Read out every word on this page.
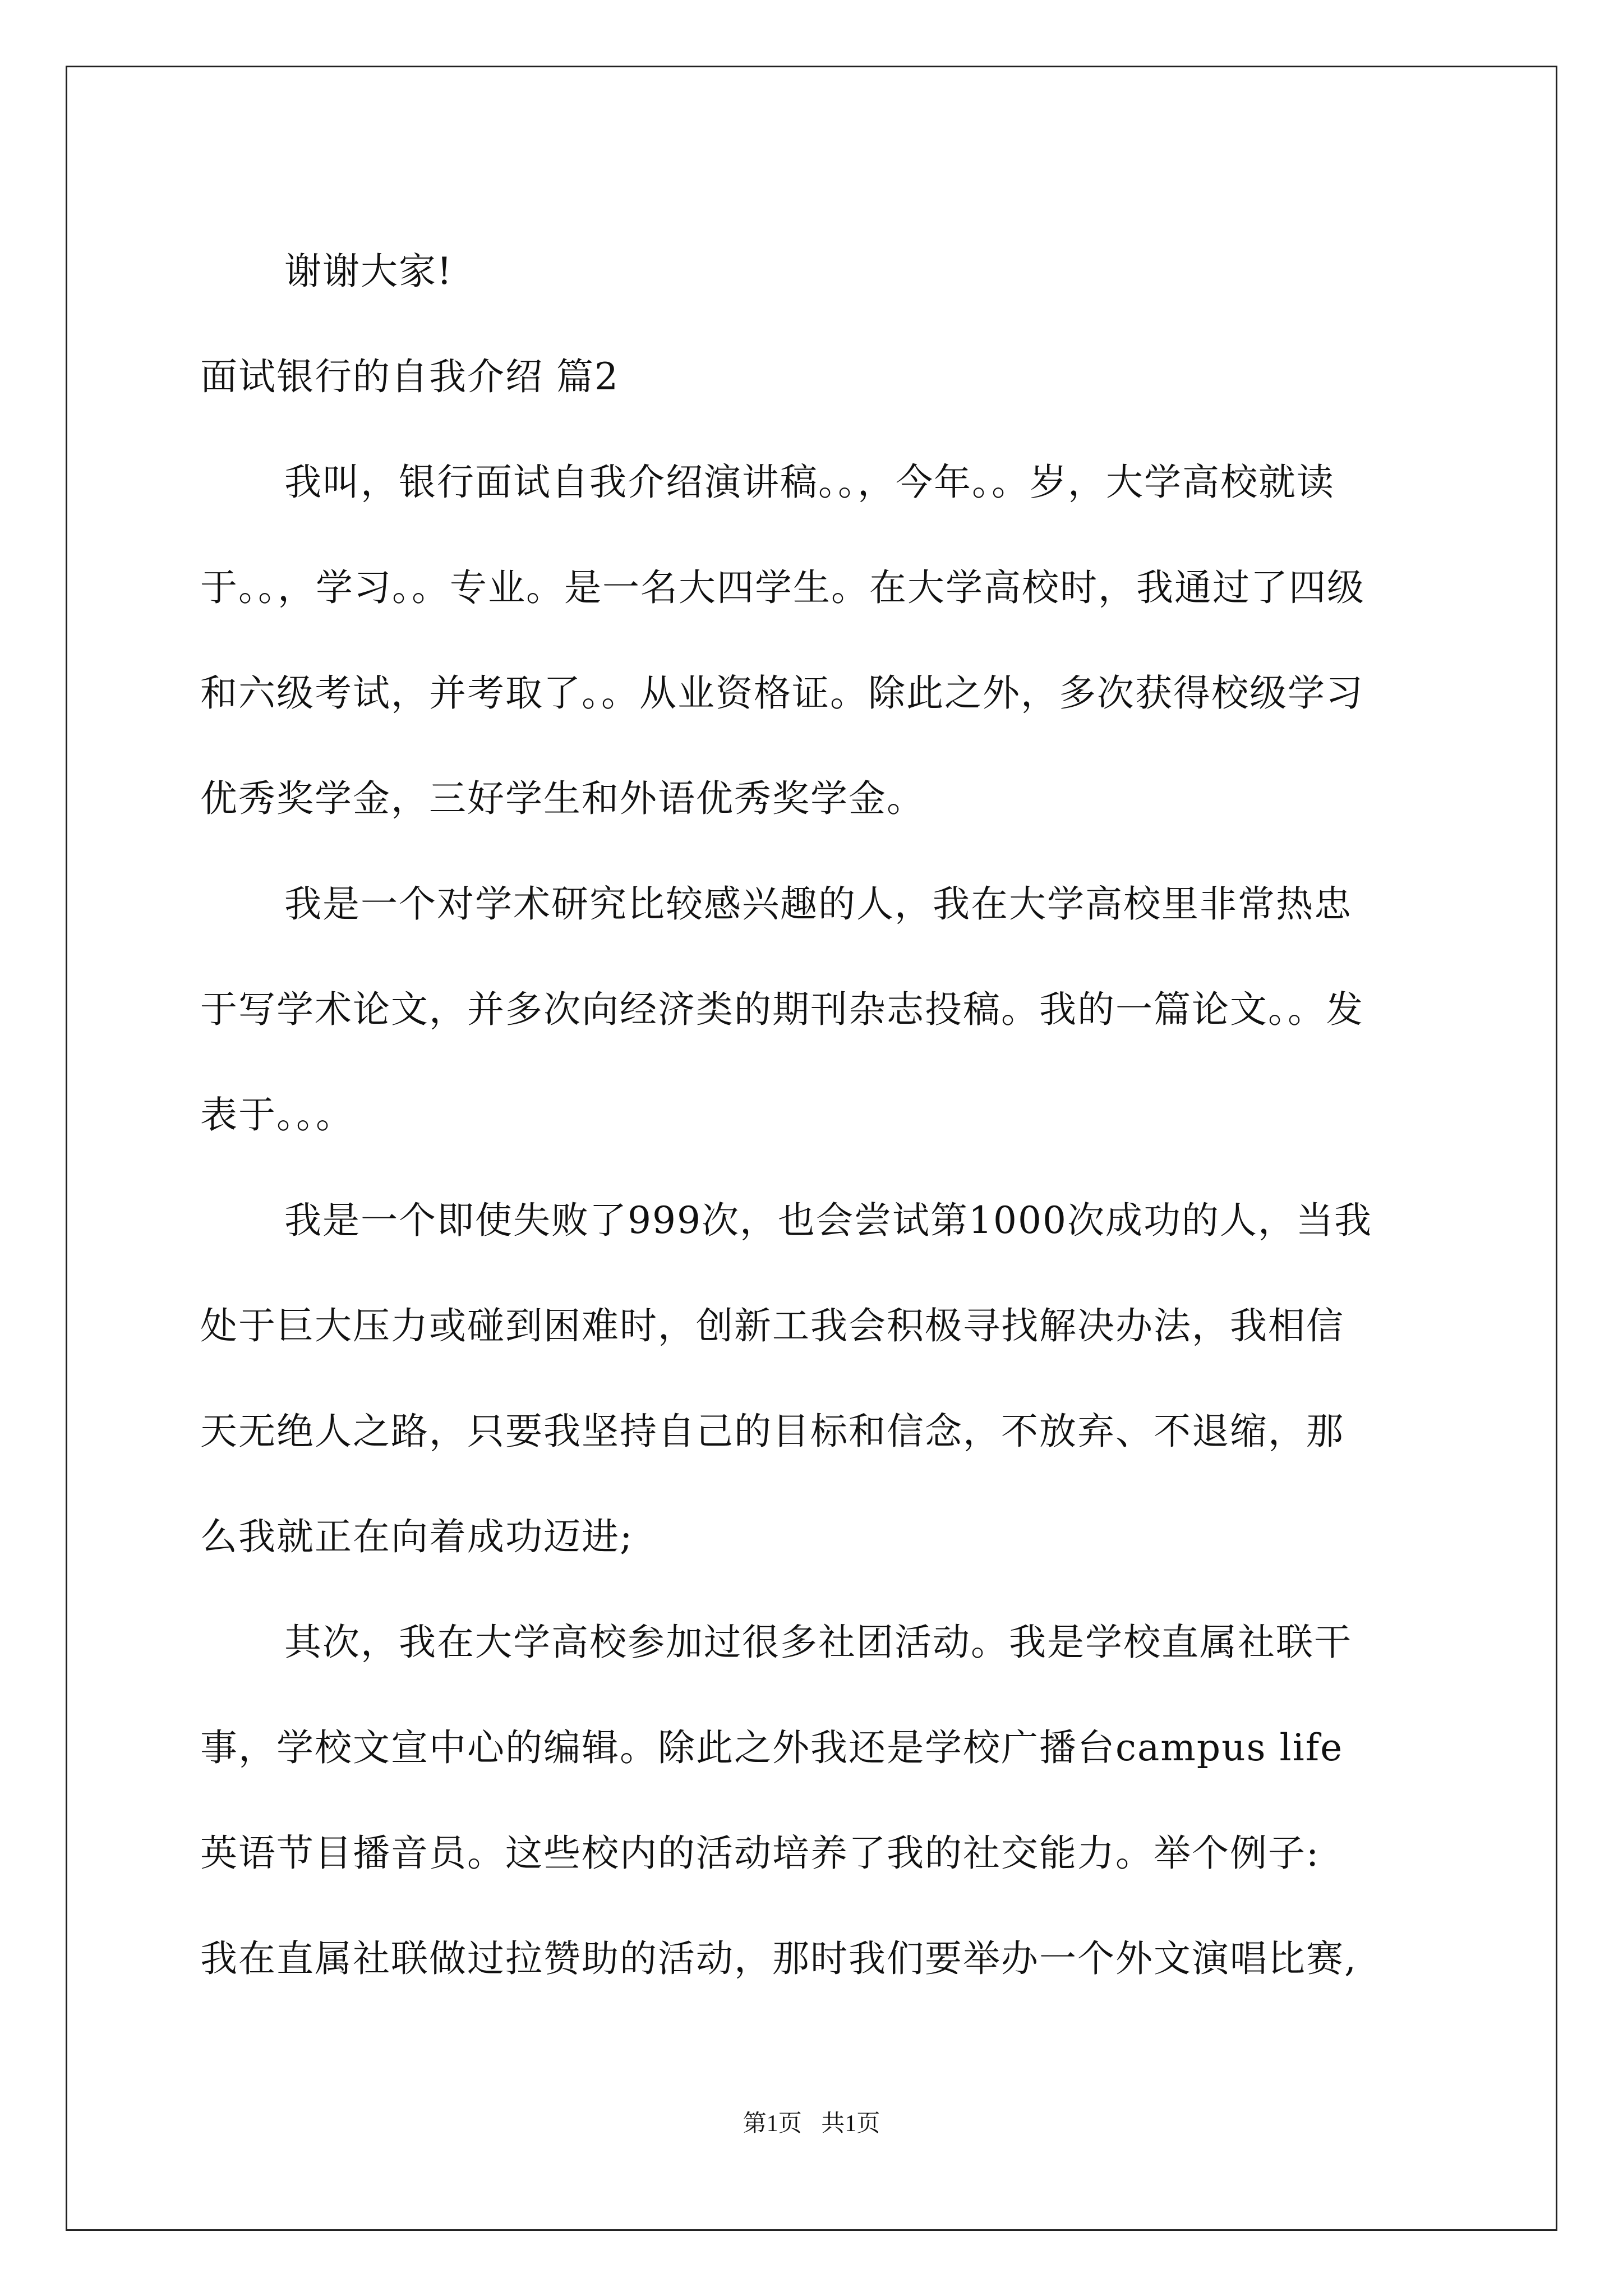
谢谢大家!
面试银行的自我介绍 篇2
我叫，银行面试自我介绍演讲稿。。，今年。。岁，大学高校就读
于。。，学习。。专业。是一名大四学生。在大学高校时，我通过了四级
和六级考试，并考取了。。从业资格证。除此之外，多次获得校级学习
优秀奖学金，三好学生和外语优秀奖学金。
我是一个对学术研究比较感兴趣的人，我在大学高校里非常热忠
于写学术论文，并多次向经济类的期刊杂志投稿。我的一篇论文。。发
表于。。。
我是一个即使失败了999次，也会尝试第1000次成功的人，当我
处于巨大压力或碰到困难时，创新工我会积极寻找解决办法，我相信
天无绝人之路，只要我坚持自己的目标和信念，不放弃、不退缩，那
么我就正在向着成功迈进;
其次，我在大学高校参加过很多社团活动。我是学校直属社联干
事，学校文宣中心的编辑。除此之外我还是学校广播台campus life
英语节目播音员。这些校内的活动培养了我的社交能力。举个例子:
我在直属社联做过拉赞助的活动，那时我们要举办一个外文演唱比赛,
第1页 共1页
